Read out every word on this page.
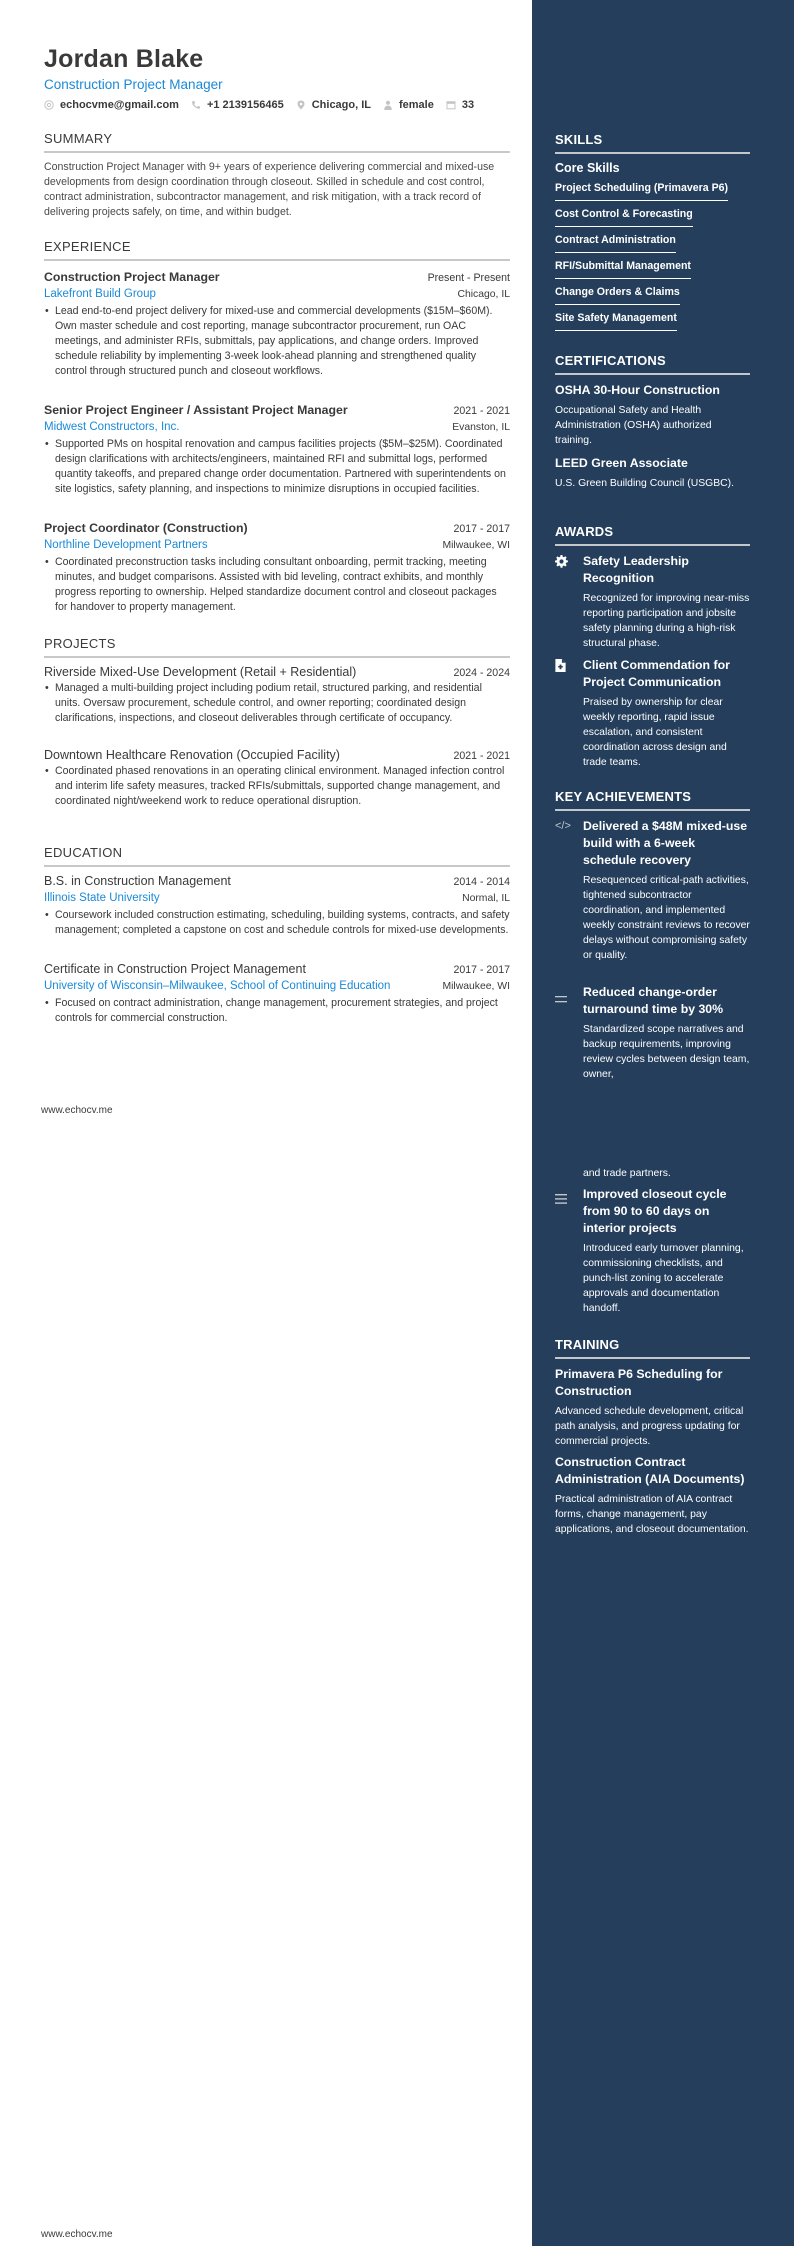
Jordan Blake
Construction Project Manager
echocvme@gmail.com	+1 2139156465	Chicago, IL	female	33
SUMMARY
Construction Project Manager with 9+ years of experience delivering commercial and mixed-use developments from design coordination through closeout. Skilled in schedule and cost control, contract administration, subcontractor management, and risk mitigation, with a track record of delivering projects safely, on time, and within budget.
EXPERIENCE
Construction Project Manager	Present - Present
Lakefront Build Group	Chicago, IL
• Lead end-to-end project delivery for mixed-use and commercial developments ($15M–$60M). Own master schedule and cost reporting, manage subcontractor procurement, run OAC meetings, and administer RFIs, submittals, pay applications, and change orders. Improved schedule reliability by implementing 3-week look-ahead planning and strengthened quality control through structured punch and closeout workflows.
Senior Project Engineer / Assistant Project Manager	2021 - 2021
Midwest Constructors, Inc.	Evanston, IL
• Supported PMs on hospital renovation and campus facilities projects ($5M–$25M). Coordinated design clarifications with architects/engineers, maintained RFI and submittal logs, performed quantity takeoffs, and prepared change order documentation. Partnered with superintendents on site logistics, safety planning, and inspections to minimize disruptions in occupied facilities.
Project Coordinator (Construction)	2017 - 2017
Northline Development Partners	Milwaukee, WI
• Coordinated preconstruction tasks including consultant onboarding, permit tracking, meeting minutes, and budget comparisons. Assisted with bid leveling, contract exhibits, and monthly progress reporting to ownership. Helped standardize document control and closeout packages for handover to property management.
PROJECTS
Riverside Mixed-Use Development (Retail + Residential)	2024 - 2024
• Managed a multi-building project including podium retail, structured parking, and residential units. Oversaw procurement, schedule control, and owner reporting; coordinated design clarifications, inspections, and closeout deliverables through certificate of occupancy.
Downtown Healthcare Renovation (Occupied Facility)	2021 - 2021
• Coordinated phased renovations in an operating clinical environment. Managed infection control and interim life safety measures, tracked RFIs/submittals, supported change management, and coordinated night/weekend work to reduce operational disruption.
EDUCATION
B.S. in Construction Management	2014 - 2014
Illinois State University	Normal, IL
• Coursework included construction estimating, scheduling, building systems, contracts, and safety management; completed a capstone on cost and schedule controls for mixed-use developments.
Certificate in Construction Project Management	2017 - 2017
University of Wisconsin–Milwaukee, School of Continuing Education	Milwaukee, WI
• Focused on contract administration, change management, procurement strategies, and project controls for commercial construction.
www.echocv.me
www.echocv.me
SKILLS
Core Skills
Project Scheduling (Primavera P6)
Cost Control & Forecasting
Contract Administration
RFI/Submittal Management
Change Orders & Claims
Site Safety Management
CERTIFICATIONS
OSHA 30-Hour Construction
Occupational Safety and Health Administration (OSHA) authorized training.
LEED Green Associate
U.S. Green Building Council (USGBC).
AWARDS
Safety Leadership Recognition
Recognized for improving near-miss reporting participation and jobsite safety planning during a high-risk structural phase.
Client Commendation for Project Communication
Praised by ownership for clear weekly reporting, rapid issue escalation, and consistent coordination across design and trade teams.
KEY ACHIEVEMENTS
</> Delivered a $48M mixed-use build with a 6-week schedule recovery
Resequenced critical-path activities, tightened subcontractor coordination, and implemented weekly constraint reviews to recover delays without compromising safety or quality.
Reduced change-order turnaround time by 30%
Standardized scope narratives and backup requirements, improving review cycles between design team, owner,
and trade partners.
Improved closeout cycle from 90 to 60 days on interior projects
Introduced early turnover planning, commissioning checklists, and punch-list zoning to accelerate approvals and documentation handoff.
TRAINING
Primavera P6 Scheduling for Construction
Advanced schedule development, critical path analysis, and progress updating for commercial projects.
Construction Contract Administration (AIA Documents)
Practical administration of AIA contract forms, change management, pay applications, and closeout documentation.
